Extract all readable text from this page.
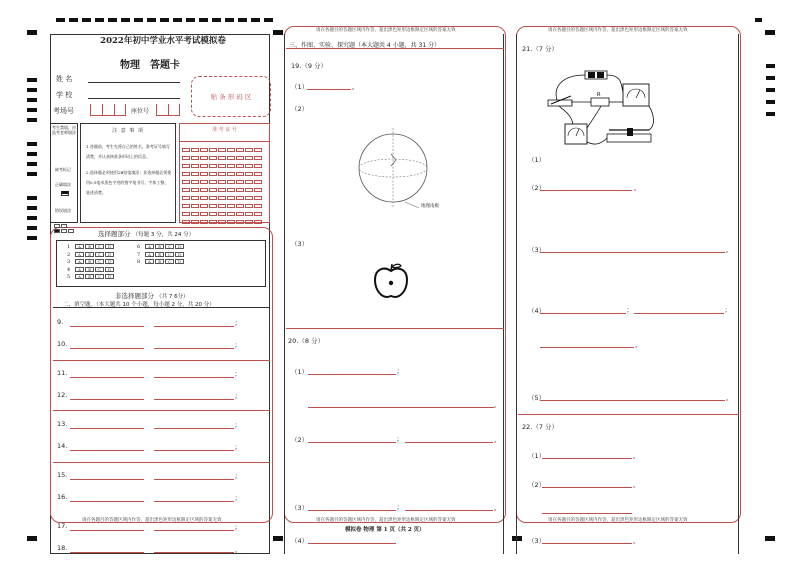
2022年初中学业水平考试模拟卷
物理 答题卡
姓 名
学 校
考场号	座位号
贴 条 形 码 区
考生禁填，由监考老师填涂
缺考标记
正确填涂
错误填涂
注 意 事 项
1.答题前，考生先将自己的姓名、准考证号填写清楚，并认真核准条形码上的信息。
2.选择题必须使用2B铅笔填涂；非选择题必须使用0.5毫米黑色字迹的签字笔书写，字体工整、笔迹清楚。
准 考 证 号

选择题部分 （每题 3 分，共 24 分）
1 A B C D	6 A B C D
2 A B C D	7 A B C D
3 A B C D	8 A B C D
4 A B C D
5 A B C D
非选择题部分 （共 7 6分）
二、填空题。（本大题共 10 个小题，每小题 2 分，共 20 分）
9.	;
10.	;
11.	;
12.	;
13.	;
14.	;
15.	;
16.	;
请在各题目的答题区域内作答，超出黑色矩形边框限定区域的答案无效
17.	;
18.	。
请在各题目的答题区域内作答，超出黑色矩形边框限定区域的答案无效
三、作图、实验、探究题（本大题共 4 小题，共 31 分）
19.（9 分）
（1）	。
（2）
地理南极
（3）
20.（8 分）
（1）	;
。
（2）	;	。
（3）	;	。
请在各题目的答题区域内作答，超出黑色矩形边框限定区域的答案无效
模拟卷 物理 第 1 页（共 2 页）
（4）
请在各题目的答题区域内作答，超出黑色矩形边框限定区域的答案无效
21.（7 分）
R
（1）
（2）	。
（3）	。
（4）	;	;
。
（5）	。
22.（7 分）
（1）	。
（2）	。
请在各题目的答题区域内作答，超出黑色矩形边框限定区域的答案无效
（3）	。
